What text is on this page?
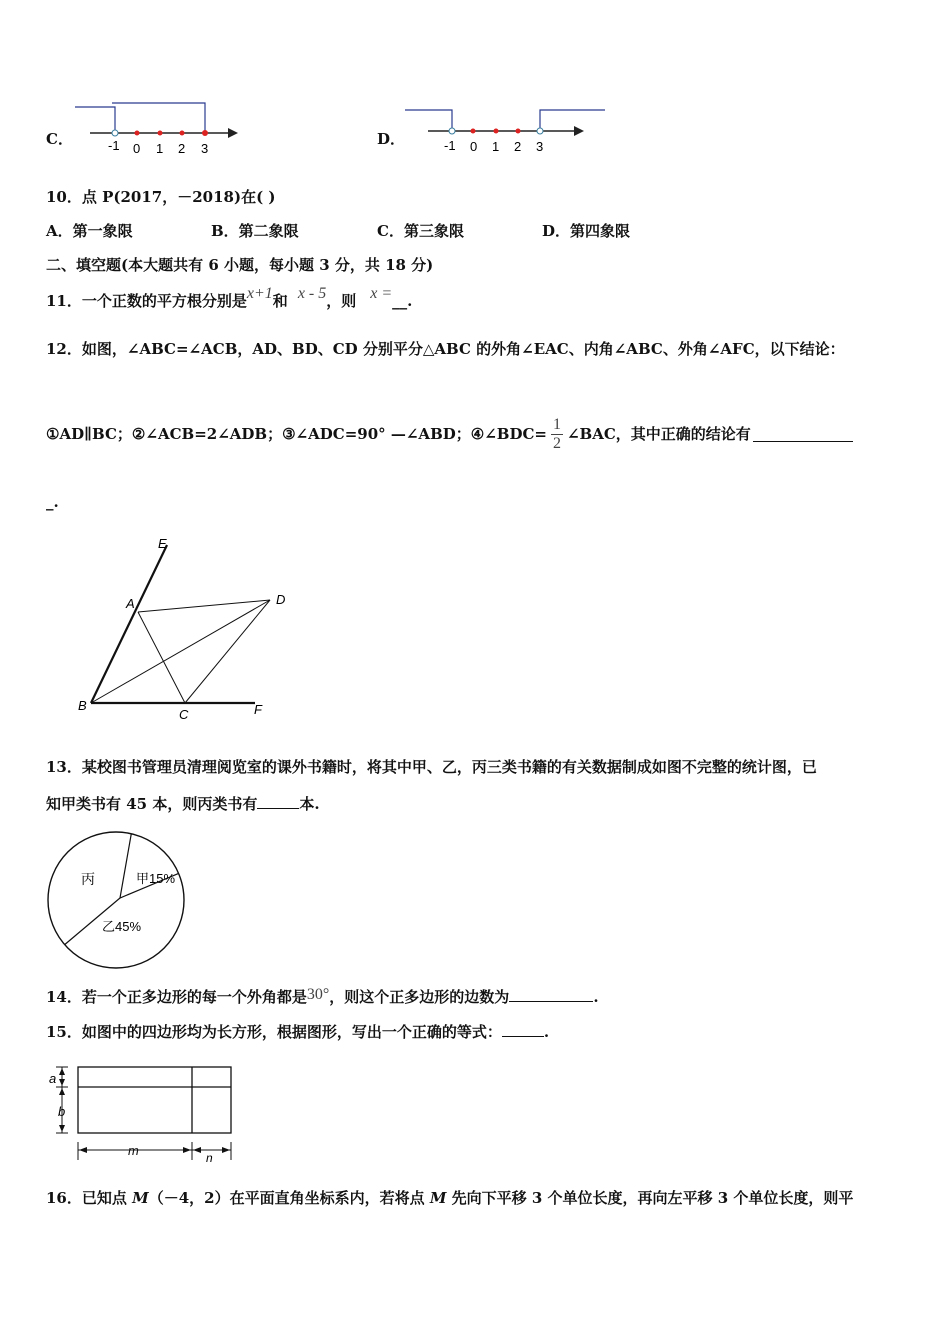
C．	-1 0 1 2 3
D．	-1 0 1 2 3
10．点 P(2017，－2018)在( )
A．第一象限	B．第二象限	C．第三象限	D．第四象限
二、填空题(本大题共有 6 小题，每小题 3 分，共 18 分)
11．一个正数的平方根分别是x+1和 x - 5，则 x =__.
12．如图，∠ABC=∠ACB，AD、BD、CD 分别平分△ABC 的外角∠EAC、内角∠ABC、外角∠AFC，以下结论：
①AD∥BC；②∠ACB=2∠ADB；③∠ADC=90° —∠ABD；④∠BDC= $\frac{1}{2}$ ∠BAC，其中正确的结论有
_.
E
A	D
B
C	F
13．某校图书管理员清理阅览室的课外书籍时，将其中甲、乙，丙三类书籍的有关数据制成如图不完整的统计图，已
知甲类书有 45 本，则丙类书有	本.
丙	甲15%
乙45%
14．若一个正多边形的每一个外角都是30°，则这个正多边形的边数为	.
15．如图中的四边形均为长方形，根据图形，写出一个正确的等式：	.
a
b
m	n
16．已知点 M（－4，2）在平面直角坐标系内，若将点 M 先向下平移 3 个单位长度，再向左平移 3 个单位长度，则平
